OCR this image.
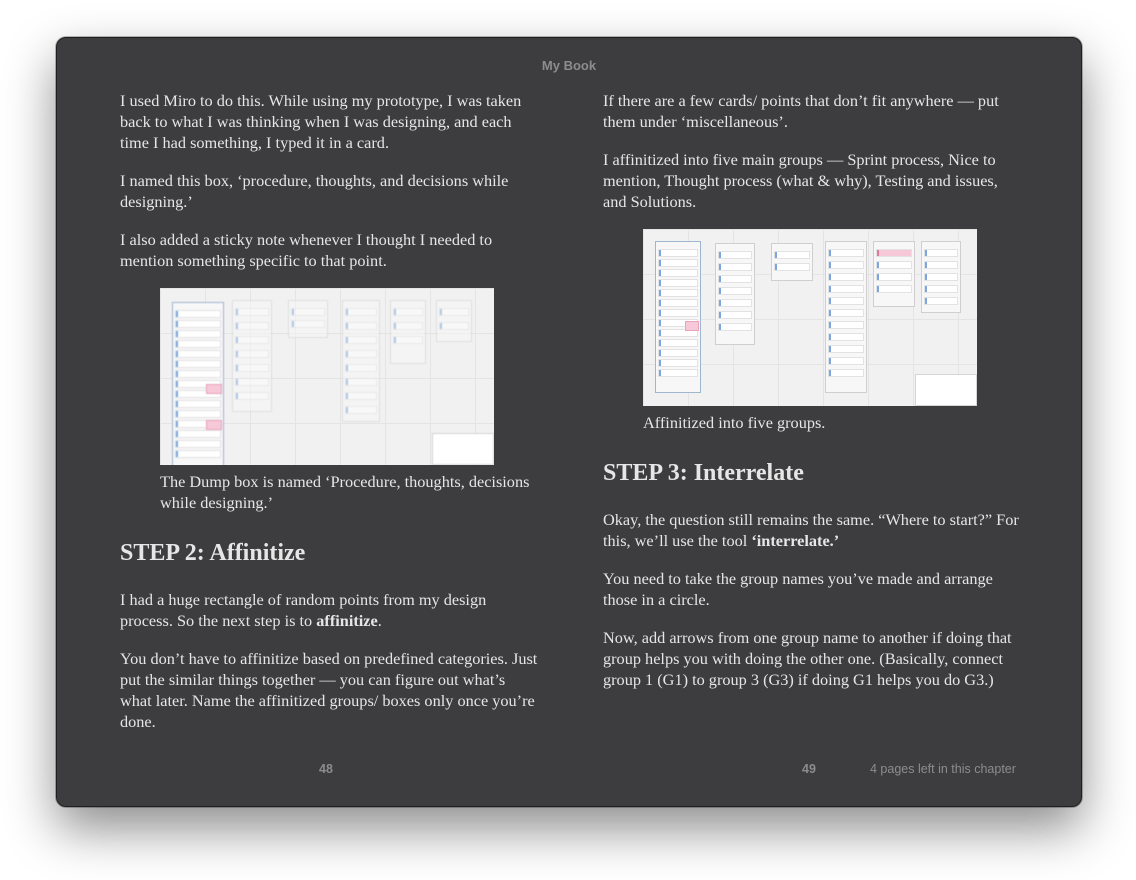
My Book

I used Miro to do this. While using my prototype, I was taken back to what I was thinking when I was designing, and each time I had something, I typed it in a card.

I named this box, ‘procedure, thoughts, and decisions while designing.’

I also added a sticky note whenever I thought I needed to mention something specific to that point.

The Dump box is named ‘Procedure, thoughts, decisions while designing.’
STEP 2: Affinitize

I had a huge rectangle of random points from my design process. So the next step is to affinitize.

You don’t have to affinitize based on predefined categories. Just put the similar things together — you can figure out what’s what later. Name the affinitized groups/ boxes only once you’re done.

If there are a few cards/ points that don’t fit anywhere — put them under ‘miscellaneous’.

I affinitized into five main groups — Sprint process, Nice to mention, Thought process (what & why), Testing and issues, and Solutions.

Affinitized into five groups.
STEP 3: Interrelate

Okay, the question still remains the same. “Where to start?” For this, we’ll use the tool ‘interrelate.’

You need to take the group names you’ve made and arrange those in a circle.

Now, add arrows from one group name to another if doing that group helps you with doing the other one. (Basically, connect group 1 (G1) to group 3 (G3) if doing G1 helps you do G3.)

48	49	4 pages left in this chapter
